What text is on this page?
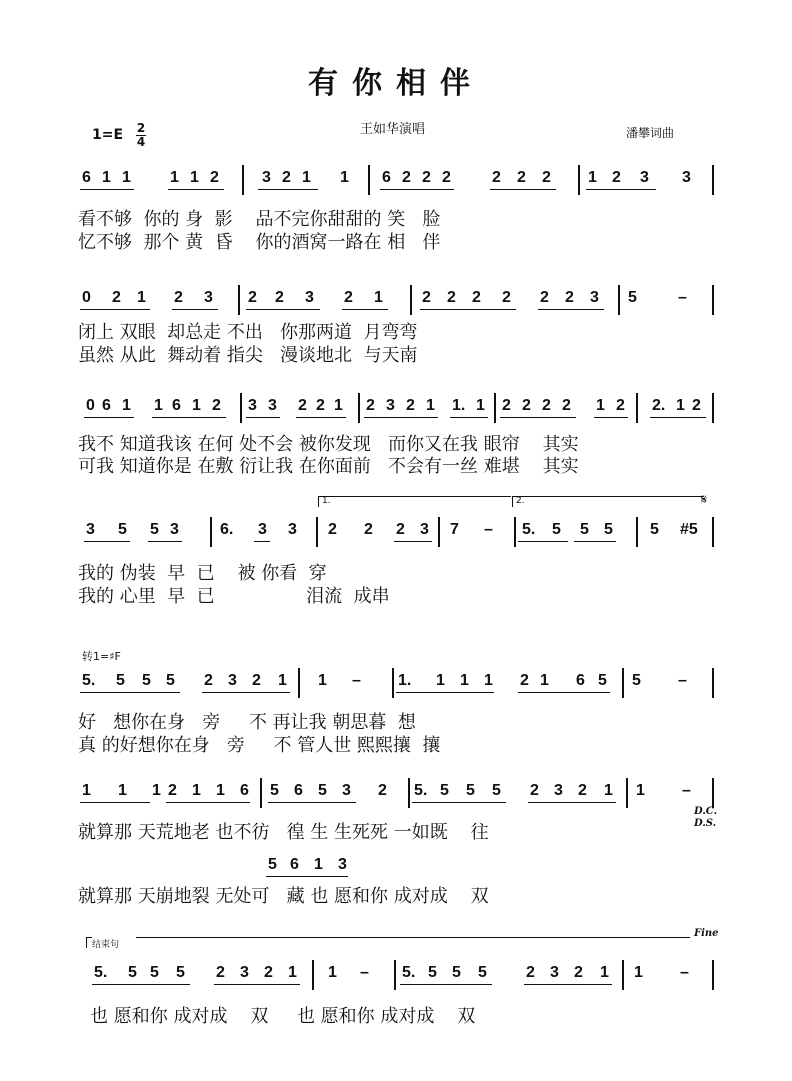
有你相伴
王如华演唱	潘攀词曲
1=E 2
4
6 1 1 1 1 2	3 2 1 1 6 2 2 2	2 2 2 1 2 3 3
看不够  你的 身  影    品不完你甜甜的 笑   脸
忆不够  那个 黄  昏    你的酒窝一路在 相   伴
0 2 1 2 3 2 2 3 2 1 2 2 2 2 2 2 3 5	–
闭上 双眼  却总走 不出   你那两道  月弯弯
虽然 从此  舞动着 指尖   漫谈地北  与天南
0 6 1 1 6 1 2 3 3 2 2 1 2 3 2 1 1. 1 2 2 2 2 1 2 2. 1 2
我不 知道我该 在何 处不会 被你发现   而你又在我 眼帘    其实
可我 知道你是 在敷 衍让我 在你面前   不会有一丝 难堪    其实
3 5 5 3	6. 3 3 2 2 2 3 7 – 5. 5 5 5 5 #5
我的 伪装  早  已    被 你看  穿
我的 心里  早  已                泪流  成串
5. 5 5 5 2 3 2 1 1 – 1. 1 1 1 2 1 6 5 5 –
好   想你在身   旁     不 再让我 朝思暮  想
真 的好想你在身   旁     不 管人世 熙熙攘  攘
1 1 1 2 1 1 6 5 6 5 3 2 5. 5 5 5 2 3 2 1 1 –
就算那 天荒地老 也不彷   徨 生 生死死 一如既    往
就算那 天崩地裂 无处可   藏 也 愿和你 成对成    双
5 6 1 3
5. 5 5 5 2 3 2 1 1 – 5. 5 5 5 2 3 2 1 1 –
也 愿和你 成对成    双     也 愿和你 成对成    双
转1=♯F
D.C.
D.S.
𝄋
Fine
结束句
1.	2.
